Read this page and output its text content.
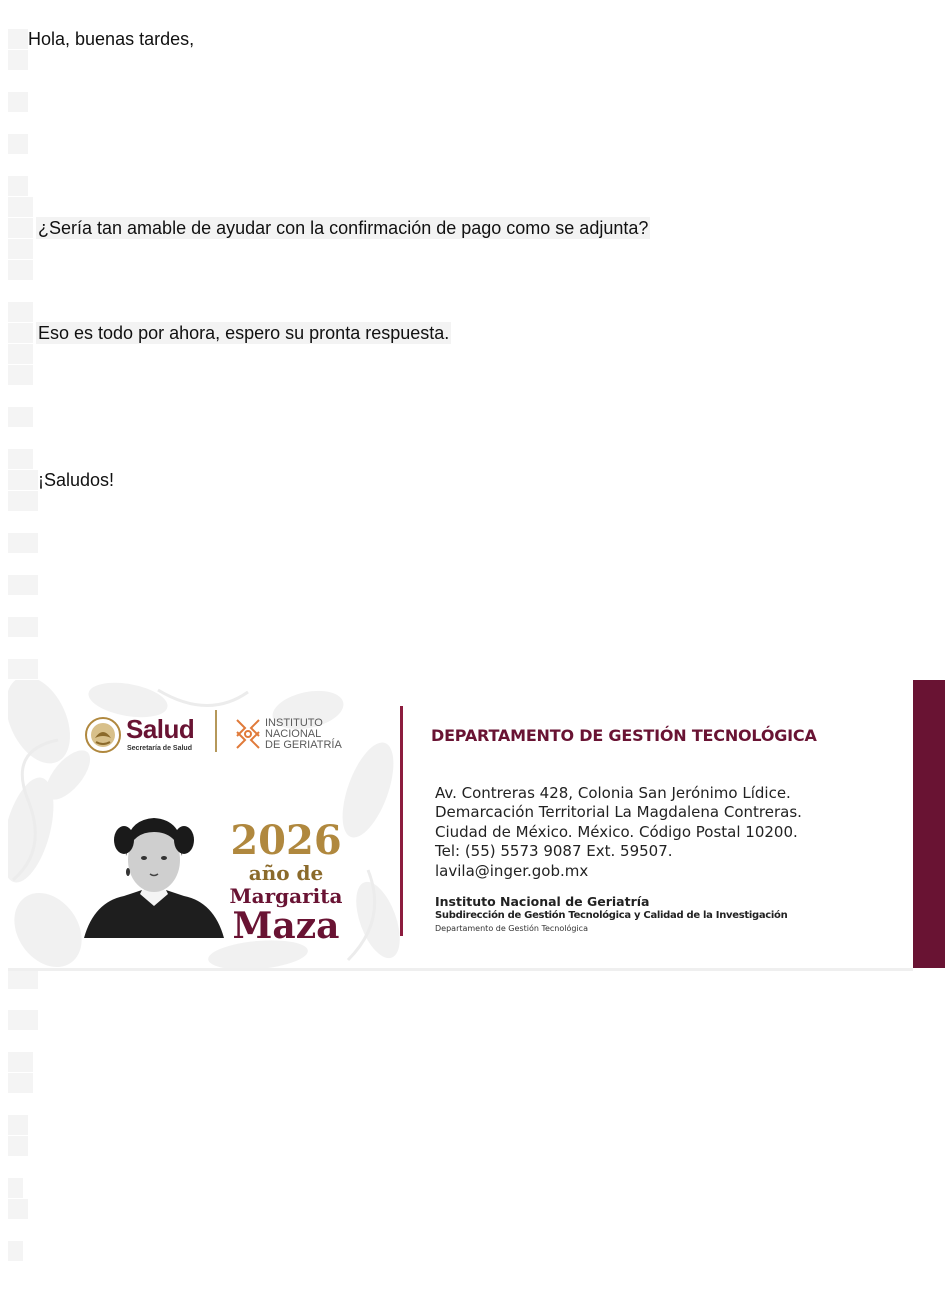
Hola, buenas tardes,
¿Sería tan amable de ayudar con la confirmación de pago como se adjunta?
Eso es todo por ahora, espero su pronta respuesta.
¡Saludos!
Salud
Secretaría de Salud
INSTITUTO
NACIONAL
DE GERIATRÍA
2026
año de
Margarita
Maza
DEPARTAMENTO DE GESTIÓN TECNOLÓGICA
Av. Contreras 428, Colonia San Jerónimo Lídice.
Demarcación Territorial La Magdalena Contreras.
Ciudad de México. México. Código Postal 10200.
Tel: (55) 5573 9087 Ext. 59507.
lavila@inger.gob.mx
Instituto Nacional de Geriatría
Subdirección de Gestión Tecnológica y Calidad de la Investigación
Departamento de Gestión Tecnológica
